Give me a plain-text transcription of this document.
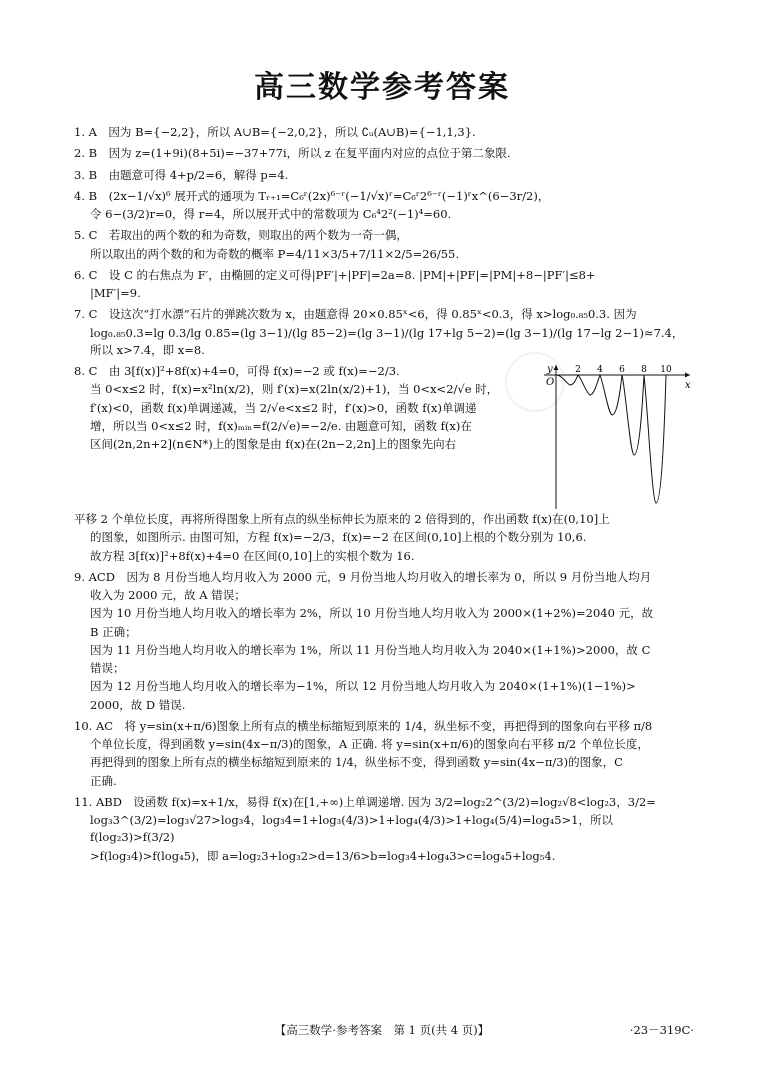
高三数学参考答案
1. A　因为 B={−2,2}，所以 A∪B={−2,0,2}，所以 ∁ᵤ(A∪B)={−1,1,3}.
2. B　因为 z=(1+9i)(8+5i)=−37+77i，所以 z 在复平面内对应的点位于第二象限.
3. B　由题意可得 4+p/2=6，解得 p=4.
4. B　(2x−1/√x)⁶ 展开式的通项为 Tᵣ₊₁=C₆ʳ(2x)⁶⁻ʳ(−1/√x)ʳ=C₆ʳ2⁶⁻ʳ(−1)ʳx^(6−3r/2)，
令 6−(3/2)r=0，得 r=4，所以展开式中的常数项为 C₆⁴2²(−1)⁴=60.
5. C　若取出的两个数的和为奇数，则取出的两个数为一奇一偶，
所以取出的两个数的和为奇数的概率 P=4/11×3/5+7/11×2/5=26/55.
6. C　设 C 的右焦点为 F′，由椭圆的定义可得|PF′|+|PF|=2a=8. |PM|+|PF|=|PM|+8−|PF′|≤8+
|MF′|=9.
7. C　设这次“打水漂”石片的弹跳次数为 x，由题意得 20×0.85ˣ<6，得 0.85ˣ<0.3，得 x>log₀.₈₅0.3. 因为
log₀.₈₅0.3=lg 0.3/lg 0.85=(lg 3−1)/(lg 85−2)=(lg 3−1)/(lg 17+lg 5−2)=(lg 3−1)/(lg 17−lg 2−1)≈7.4，所以 x>7.4，即 x=8.
8. C　由 3[f(x)]²+8f(x)+4=0，可得 f(x)=−2 或 f(x)=−2/3.
当 0<x≤2 时，f(x)=x²ln(x/2)，则 f′(x)=x(2ln(x/2)+1)，当 0<x<2/√e 时，
f′(x)<0，函数 f(x)单调递减，当 2/√e<x≤2 时，f′(x)>0，函数 f(x)单调递
增，所以当 0<x≤2 时，f(x)ₘᵢₙ=f(2/√e)=−2/e. 由题意可知，函数 f(x)在
区间(2n,2n+2](n∈N*)上的图象是由 f(x)在(2n−2,2n]上的图象先向右
y
x
O
2 4 6 8 10
平移 2 个单位长度，再将所得图象上所有点的纵坐标伸长为原来的 2 倍得到的，作出函数 f(x)在(0,10]上
的图象，如图所示. 由图可知，方程 f(x)=−2/3，f(x)=−2 在区间(0,10]上根的个数分别为 10,6.
故方程 3[f(x)]²+8f(x)+4=0 在区间(0,10]上的实根个数为 16.
9. ACD　因为 8 月份当地人均月收入为 2000 元，9 月份当地人均月收入的增长率为 0，所以 9 月份当地人均月
收入为 2000 元，故 A 错误；
因为 10 月份当地人均月收入的增长率为 2%，所以 10 月份当地人均月收入为 2000×(1+2%)=2040 元，故
B 正确；
因为 11 月份当地人均月收入的增长率为 1%，所以 11 月份当地人均月收入为 2040×(1+1%)>2000，故 C
错误；
因为 12 月份当地人均月收入的增长率为−1%，所以 12 月份当地人均月收入为 2040×(1+1%)(1−1%)>
2000，故 D 错误.
10. AC　将 y=sin(x+π/6)图象上所有点的横坐标缩短到原来的 1/4，纵坐标不变，再把得到的图象向右平移 π/8
个单位长度，得到函数 y=sin(4x−π/3)的图象，A 正确. 将 y=sin(x+π/6)的图象向右平移 π/2 个单位长度，
再把得到的图象上所有点的横坐标缩短到原来的 1/4，纵坐标不变，得到函数 y=sin(4x−π/3)的图象，C
正确.
11. ABD　设函数 f(x)=x+1/x，易得 f(x)在[1,+∞)上单调递增. 因为 3/2=log₂2^(3/2)=log₂√8<log₂3，3/2=
log₃3^(3/2)=log₃√27>log₃4，log₃4=1+log₃(4/3)>1+log₄(4/3)>1+log₄(5/4)=log₄5>1，所以 f(log₂3)>f(3/2)
>f(log₃4)>f(log₄5)，即 a=log₂3+log₃2>d=13/6>b=log₃4+log₄3>c=log₄5+log₅4.
【高三数学·参考答案　第 1 页(共 4 页)】	·23－319C·
